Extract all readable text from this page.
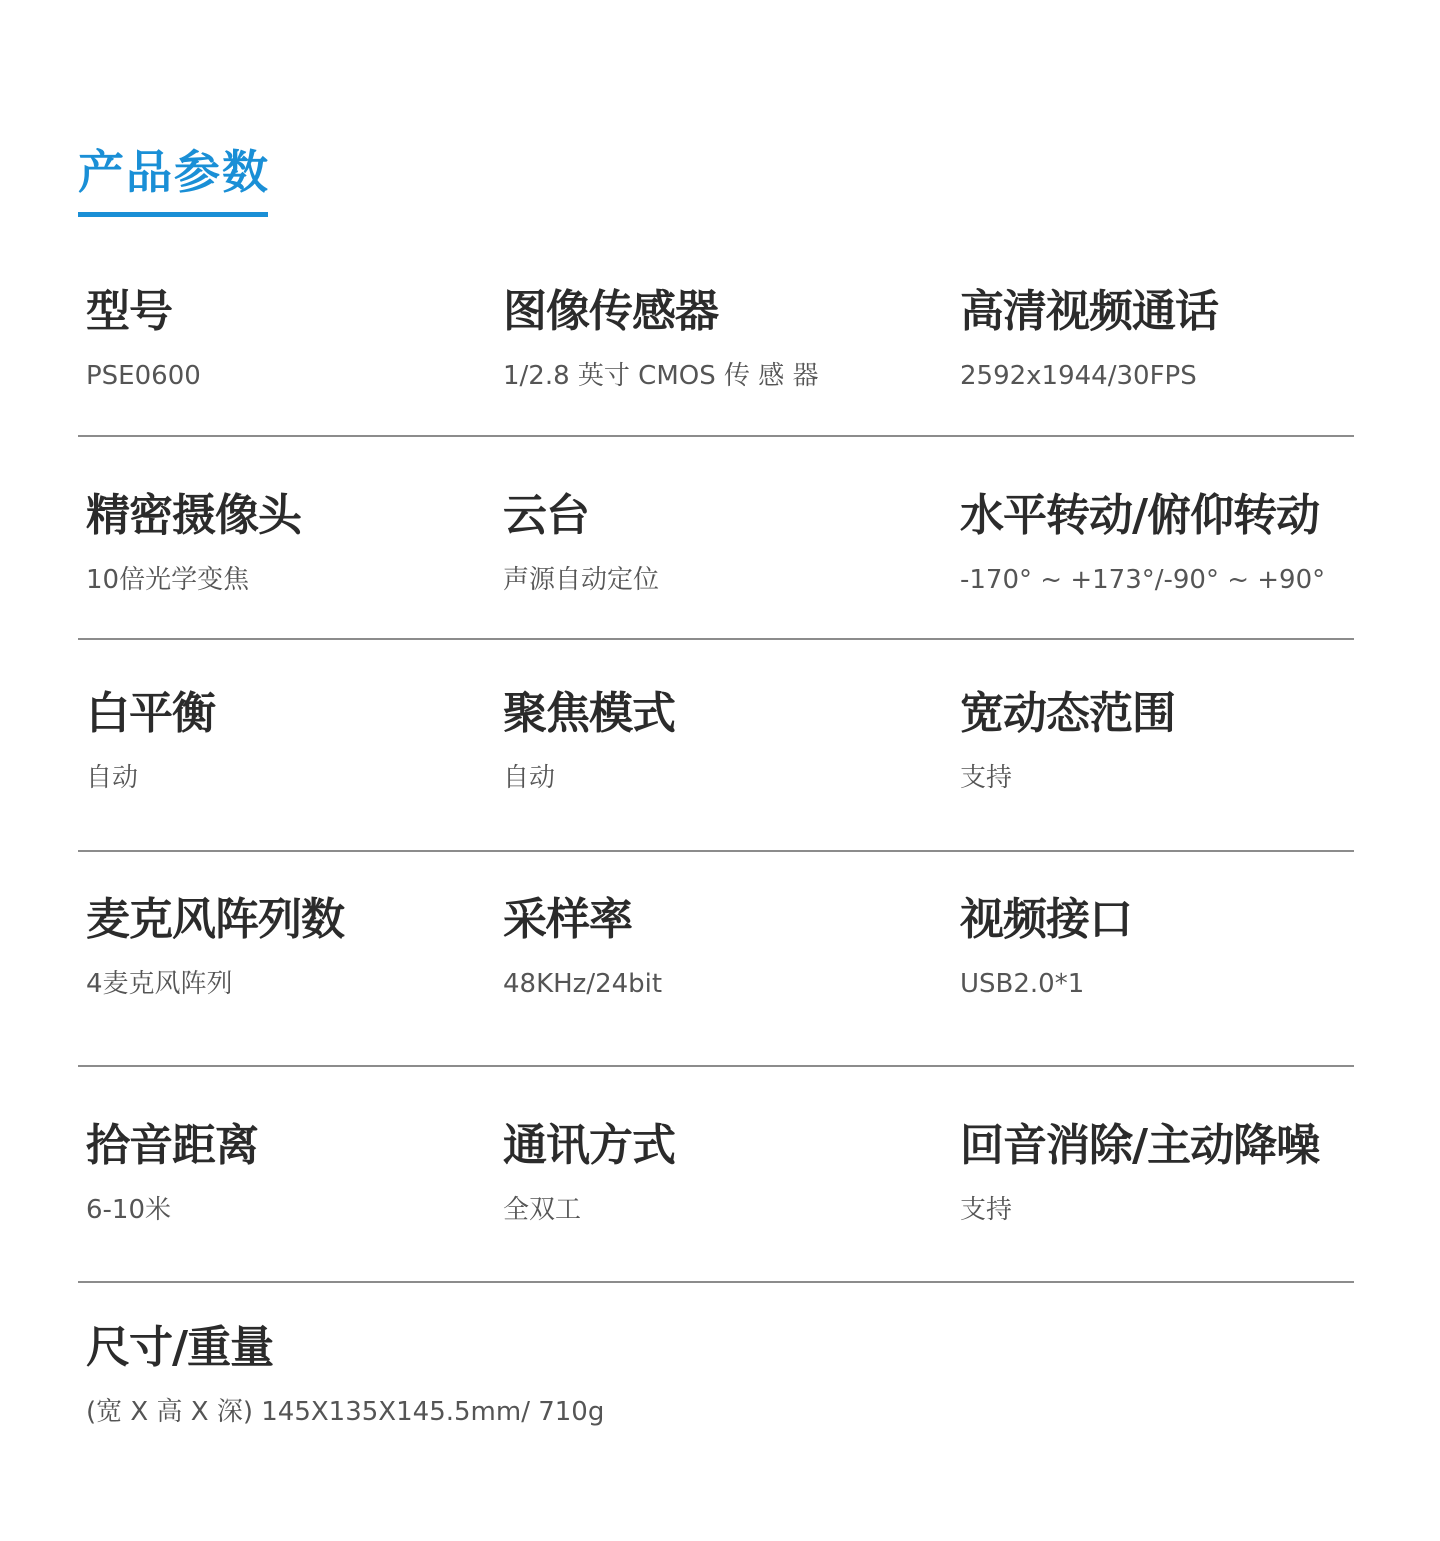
产品参数
型号
PSE0600
图像传感器
1/2.8 英寸 CMOS 传 感 器
高清视频通话
2592x1944/30FPS
精密摄像头
10倍光学变焦
云台
声源自动定位
水平转动/俯仰转动
-170° ~ +173°/-90° ~ +90°
白平衡
自动
聚焦模式
自动
宽动态范围
支持
麦克风阵列数
4麦克风阵列
采样率
48KHz/24bit
视频接口
USB2.0*1
拾音距离
6-10米
通讯方式
全双工
回音消除/主动降噪
支持
尺寸/重量
(宽 X 高 X 深) 145X135X145.5mm/ 710g
